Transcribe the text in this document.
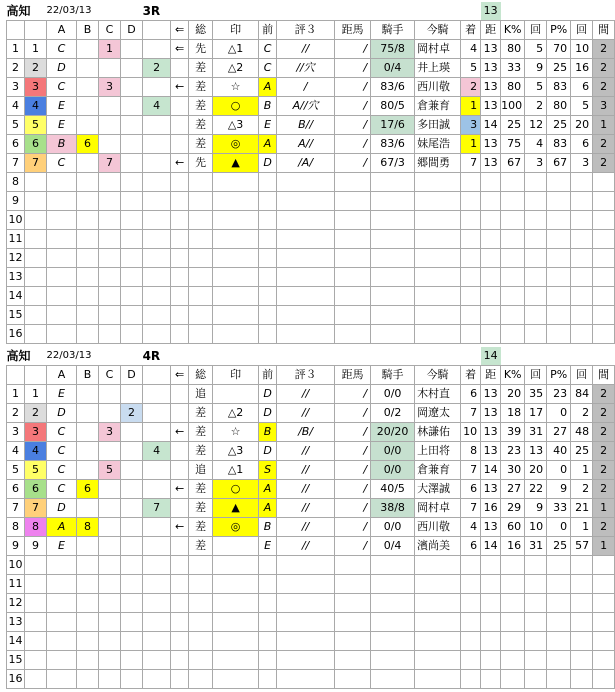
高知		22/03/13				3R										13					
		A	B	C	D		⇐	総	印	前	評３	距馬	騎手	今騎	着	距	K%	回	P%	回	間
1	1	C		1			⇐	先	△1	C	//	/	75/8	岡村卓	4	13	80	5	70	10	2
2	2	D				2		差	△2	C	//穴	/	0/4	井上瑛	5	13	33	9	25	16	2
3	3	C		3			←	差	☆	A	/	/	83/6	西川敬	2	13	80	5	83	6	2
4	4	E				4		差	○	B	A//穴	/	80/5	倉兼育	1	13	100	2	80	5	3
5	5	E						差	△3	E	B//	/	17/6	多田誠	3	14	25	12	25	20	1
6	6	B	6					差	◎	A	A//	/	83/6	妹尾浩	1	13	75	4	83	6	2
7	7	C		7			←	先	▲	D	/A/	/	67/3	郷間勇	7	13	67	3	67	3	2
8																					
9																					
10																					
11																					
12																					
13																					
14																					
15																					
16																					
高知		22/03/13				4R										14					
		A	B	C	D		⇐	総	印	前	評３	距馬	騎手	今騎	着	距	K%	回	P%	回	間
1	1	E						追		D	//	/	0/0	木村直	6	13	20	35	23	84	2
2	2	D			2			差	△2	D	//	/	0/2	岡遼太	7	13	18	17	0	2	2
3	3	C		3			←	差	☆	B	/B/	/	20/20	林謙佑	10	13	39	31	27	48	2
4	4	C				4		差	△3	D	//	/	0/0	上田将	8	13	23	13	40	25	2
5	5	C		5				追	△1	S	//	/	0/0	倉兼育	7	14	30	20	0	1	2
6	6	C	6				←	差	○	A	//	/	40/5	大澤誠	6	13	27	22	9	2	2
7	7	D				7		差	▲	A	//	/	38/8	岡村卓	7	16	29	9	33	21	1
8	8	A	8				←	差	◎	B	//	/	0/0	西川敬	4	13	60	10	0	1	2
9	9	E						差		E	//	/	0/4	濱尚美	6	14	16	31	25	57	1
10																					
11																					
12																					
13																					
14																					
15																					
16																					
